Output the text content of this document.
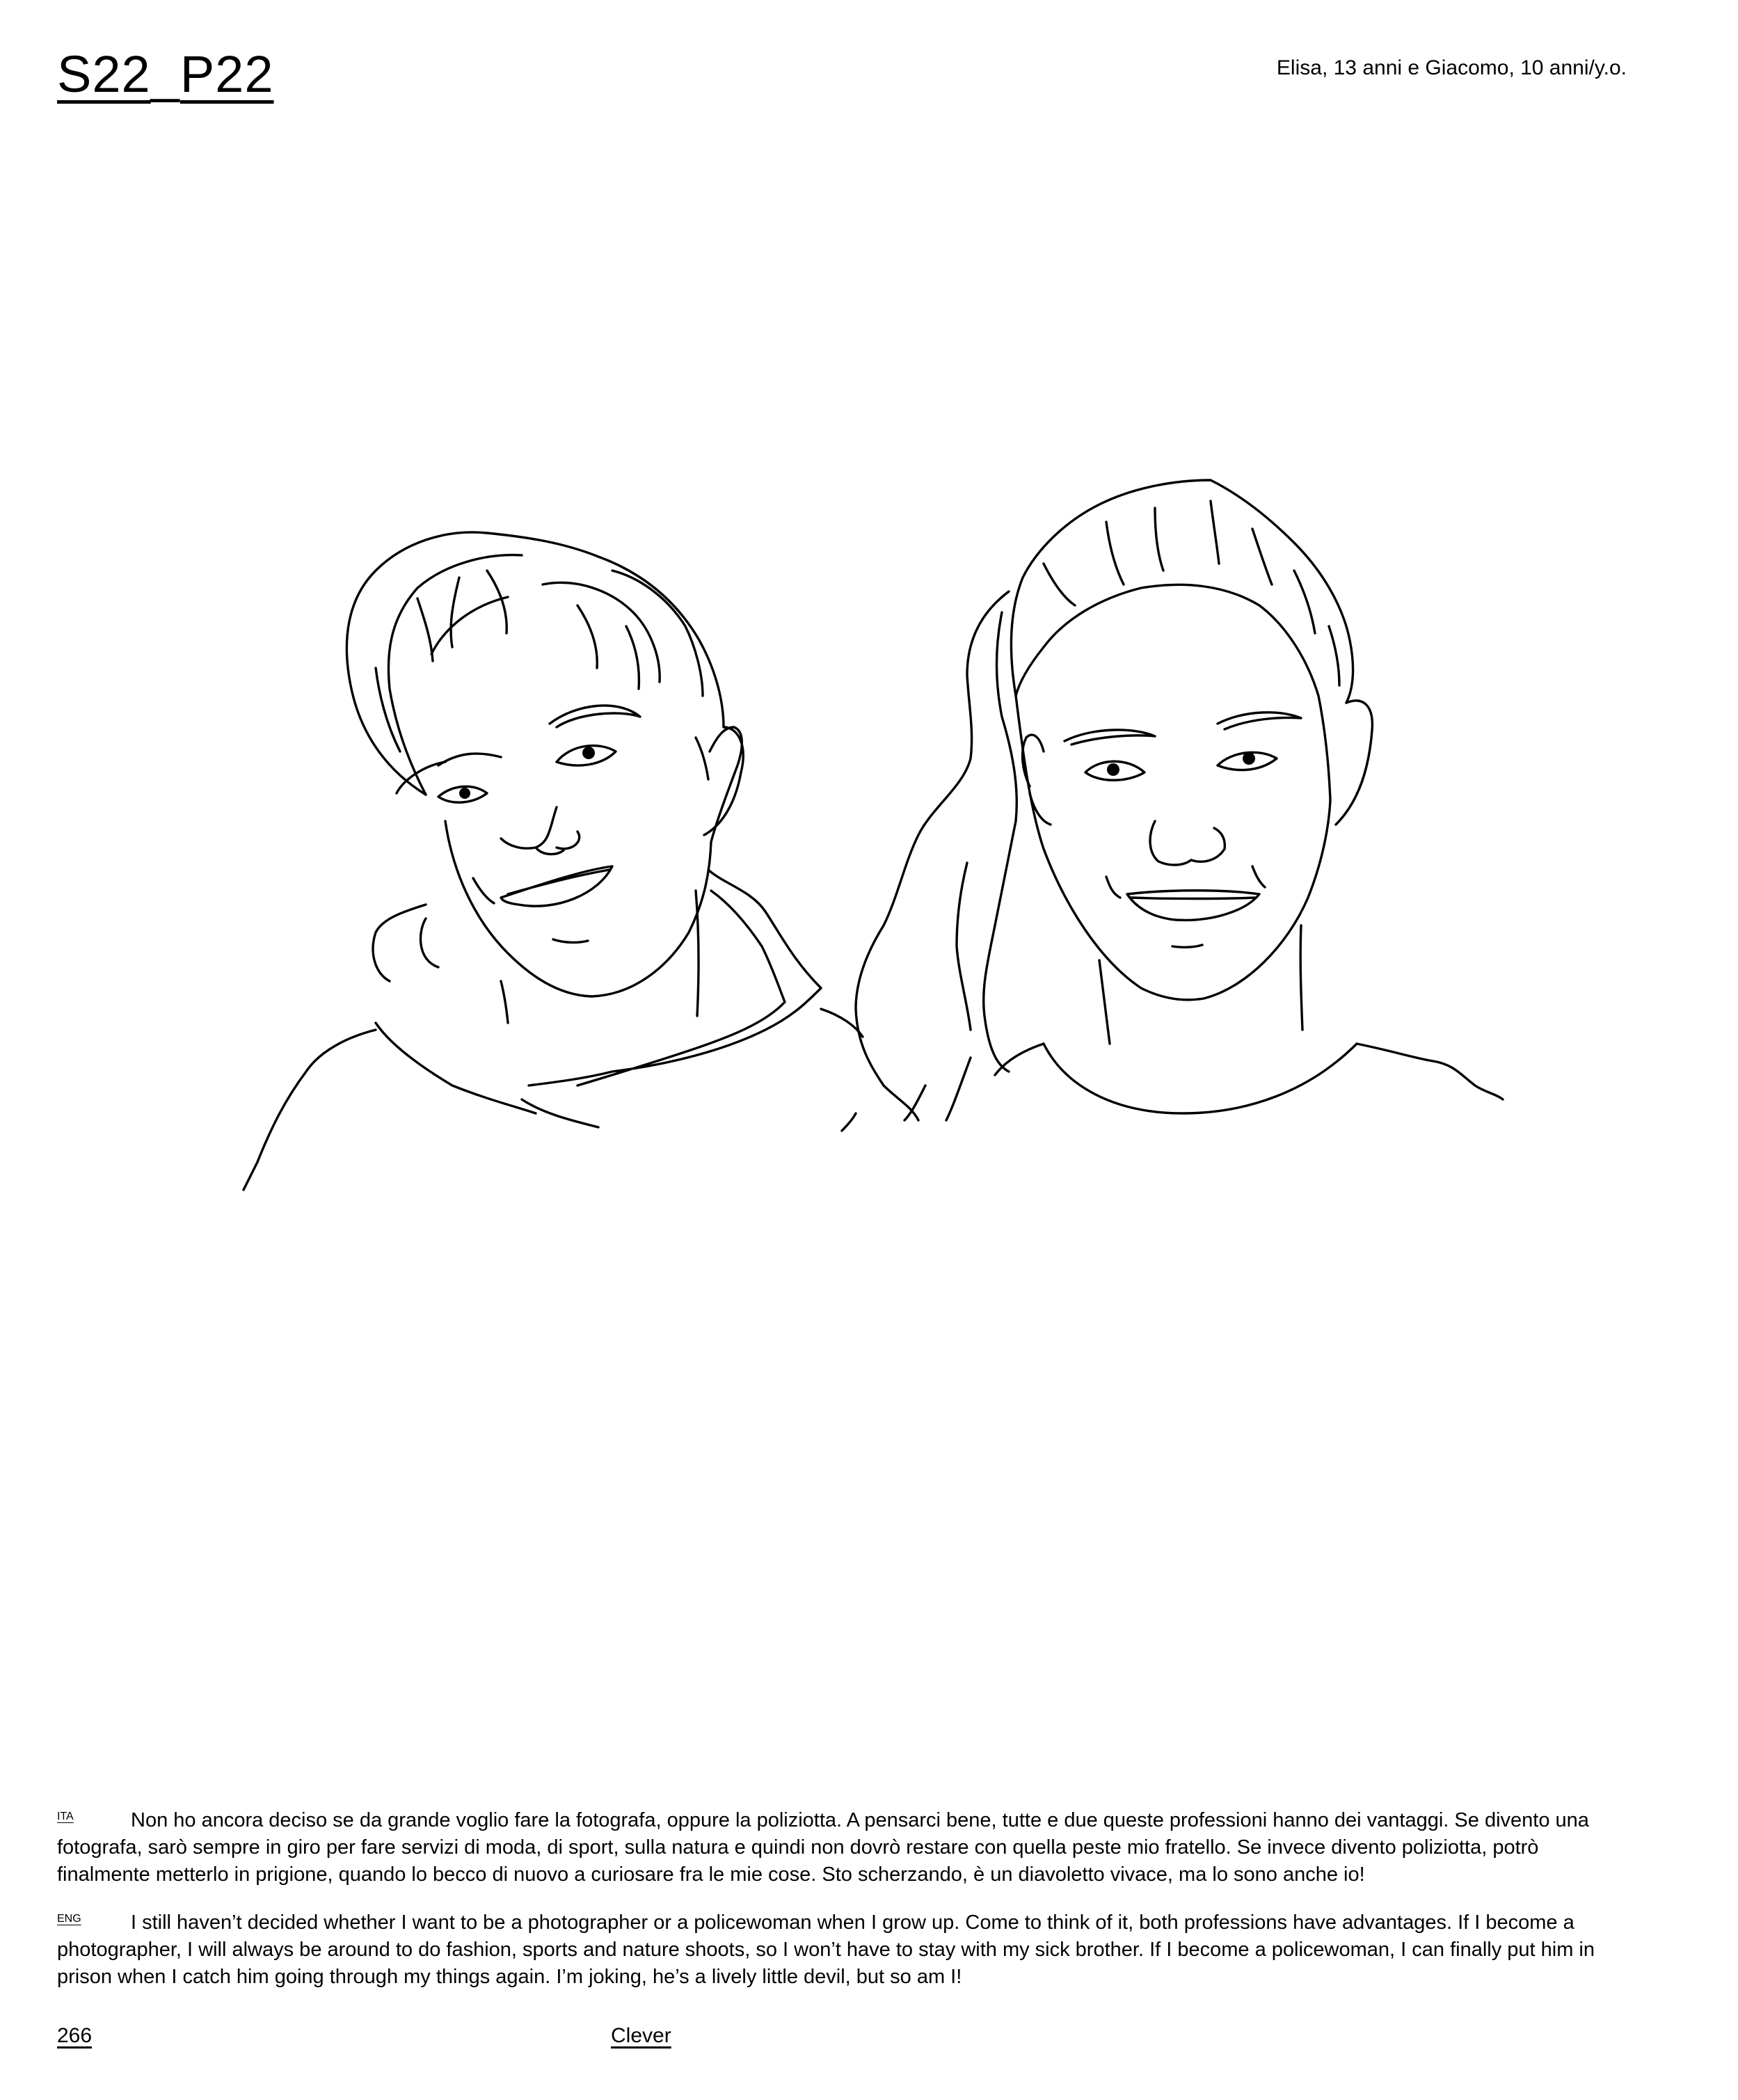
S22_P22	Elisa, 13 anni e Giacomo, 10 anni/y.o.

ITA	Non ho ancora deciso se da grande voglio fare la fotografa, oppure la poliziotta. A pensarci bene, tutte e due queste professioni hanno dei vantaggi. Se divento una fotografa, sarò sempre in giro per fare servizi di moda, di sport, sulla natura e quindi non dovrò restare con quella peste mio fratello. Se invece divento poliziotta, potrò finalmente metterlo in prigione, quando lo becco di nuovo a curiosare fra le mie cose. Sto scherzando, è un diavoletto vivace, ma lo sono anche io!

ENG I still haven’t decided whether I want to be a photographer or a policewoman when I grow up. Come to think of it, both professions have advantages. If I become a photographer, I will always be around to do fashion, sports and nature shoots, so I won’t have to stay with my sick brother. If I become a policewoman, I can finally put him in prison when I catch him going through my things again. I’m joking, he’s a lively little devil, but so am I!

266	Clever
